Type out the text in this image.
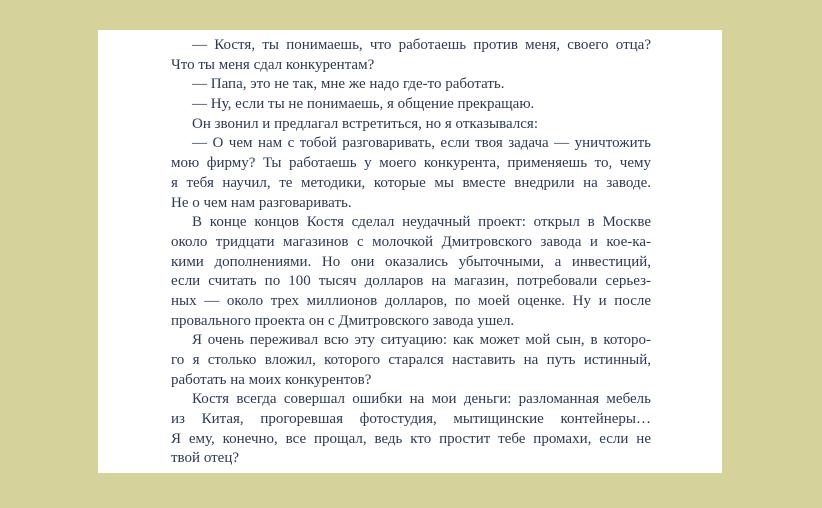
— Костя, ты понимаешь, что работаешь против меня, своего отца?
Что ты меня сдал конкурентам?
— Папа, это не так, мне же надо где-то работать.
— Ну, если ты не понимаешь, я общение прекращаю.
Он звонил и предлагал встретиться, но я отказывался:
— О чем нам с тобой разговаривать, если твоя задача — уничтожить
мою фирму? Ты работаешь у моего конкурента, применяешь то, чему
я тебя научил, те методики, которые мы вместе внедрили на заводе.
Не о чем нам разговаривать.
В конце концов Костя сделал неудачный проект: открыл в Москве
около тридцати магазинов с молочкой Дмитровского завода и кое-ка-
кими дополнениями. Но они оказались убыточными, а инвестиций,
если считать по 100 тысяч долларов на магазин, потребовали серьез-
ных — около трех миллионов долларов, по моей оценке. Ну и после
провального проекта он с Дмитровского завода ушел.
Я очень переживал всю эту ситуацию: как может мой сын, в которо-
го я столько вложил, которого старался наставить на путь истинный,
работать на моих конкурентов?
Костя всегда совершал ошибки на мои деньги: разломанная мебель
из Китая, прогоревшая фотостудия, мытищинские контейнеры…
Я ему, конечно, все прощал, ведь кто простит тебе промахи, если не
твой отец?
